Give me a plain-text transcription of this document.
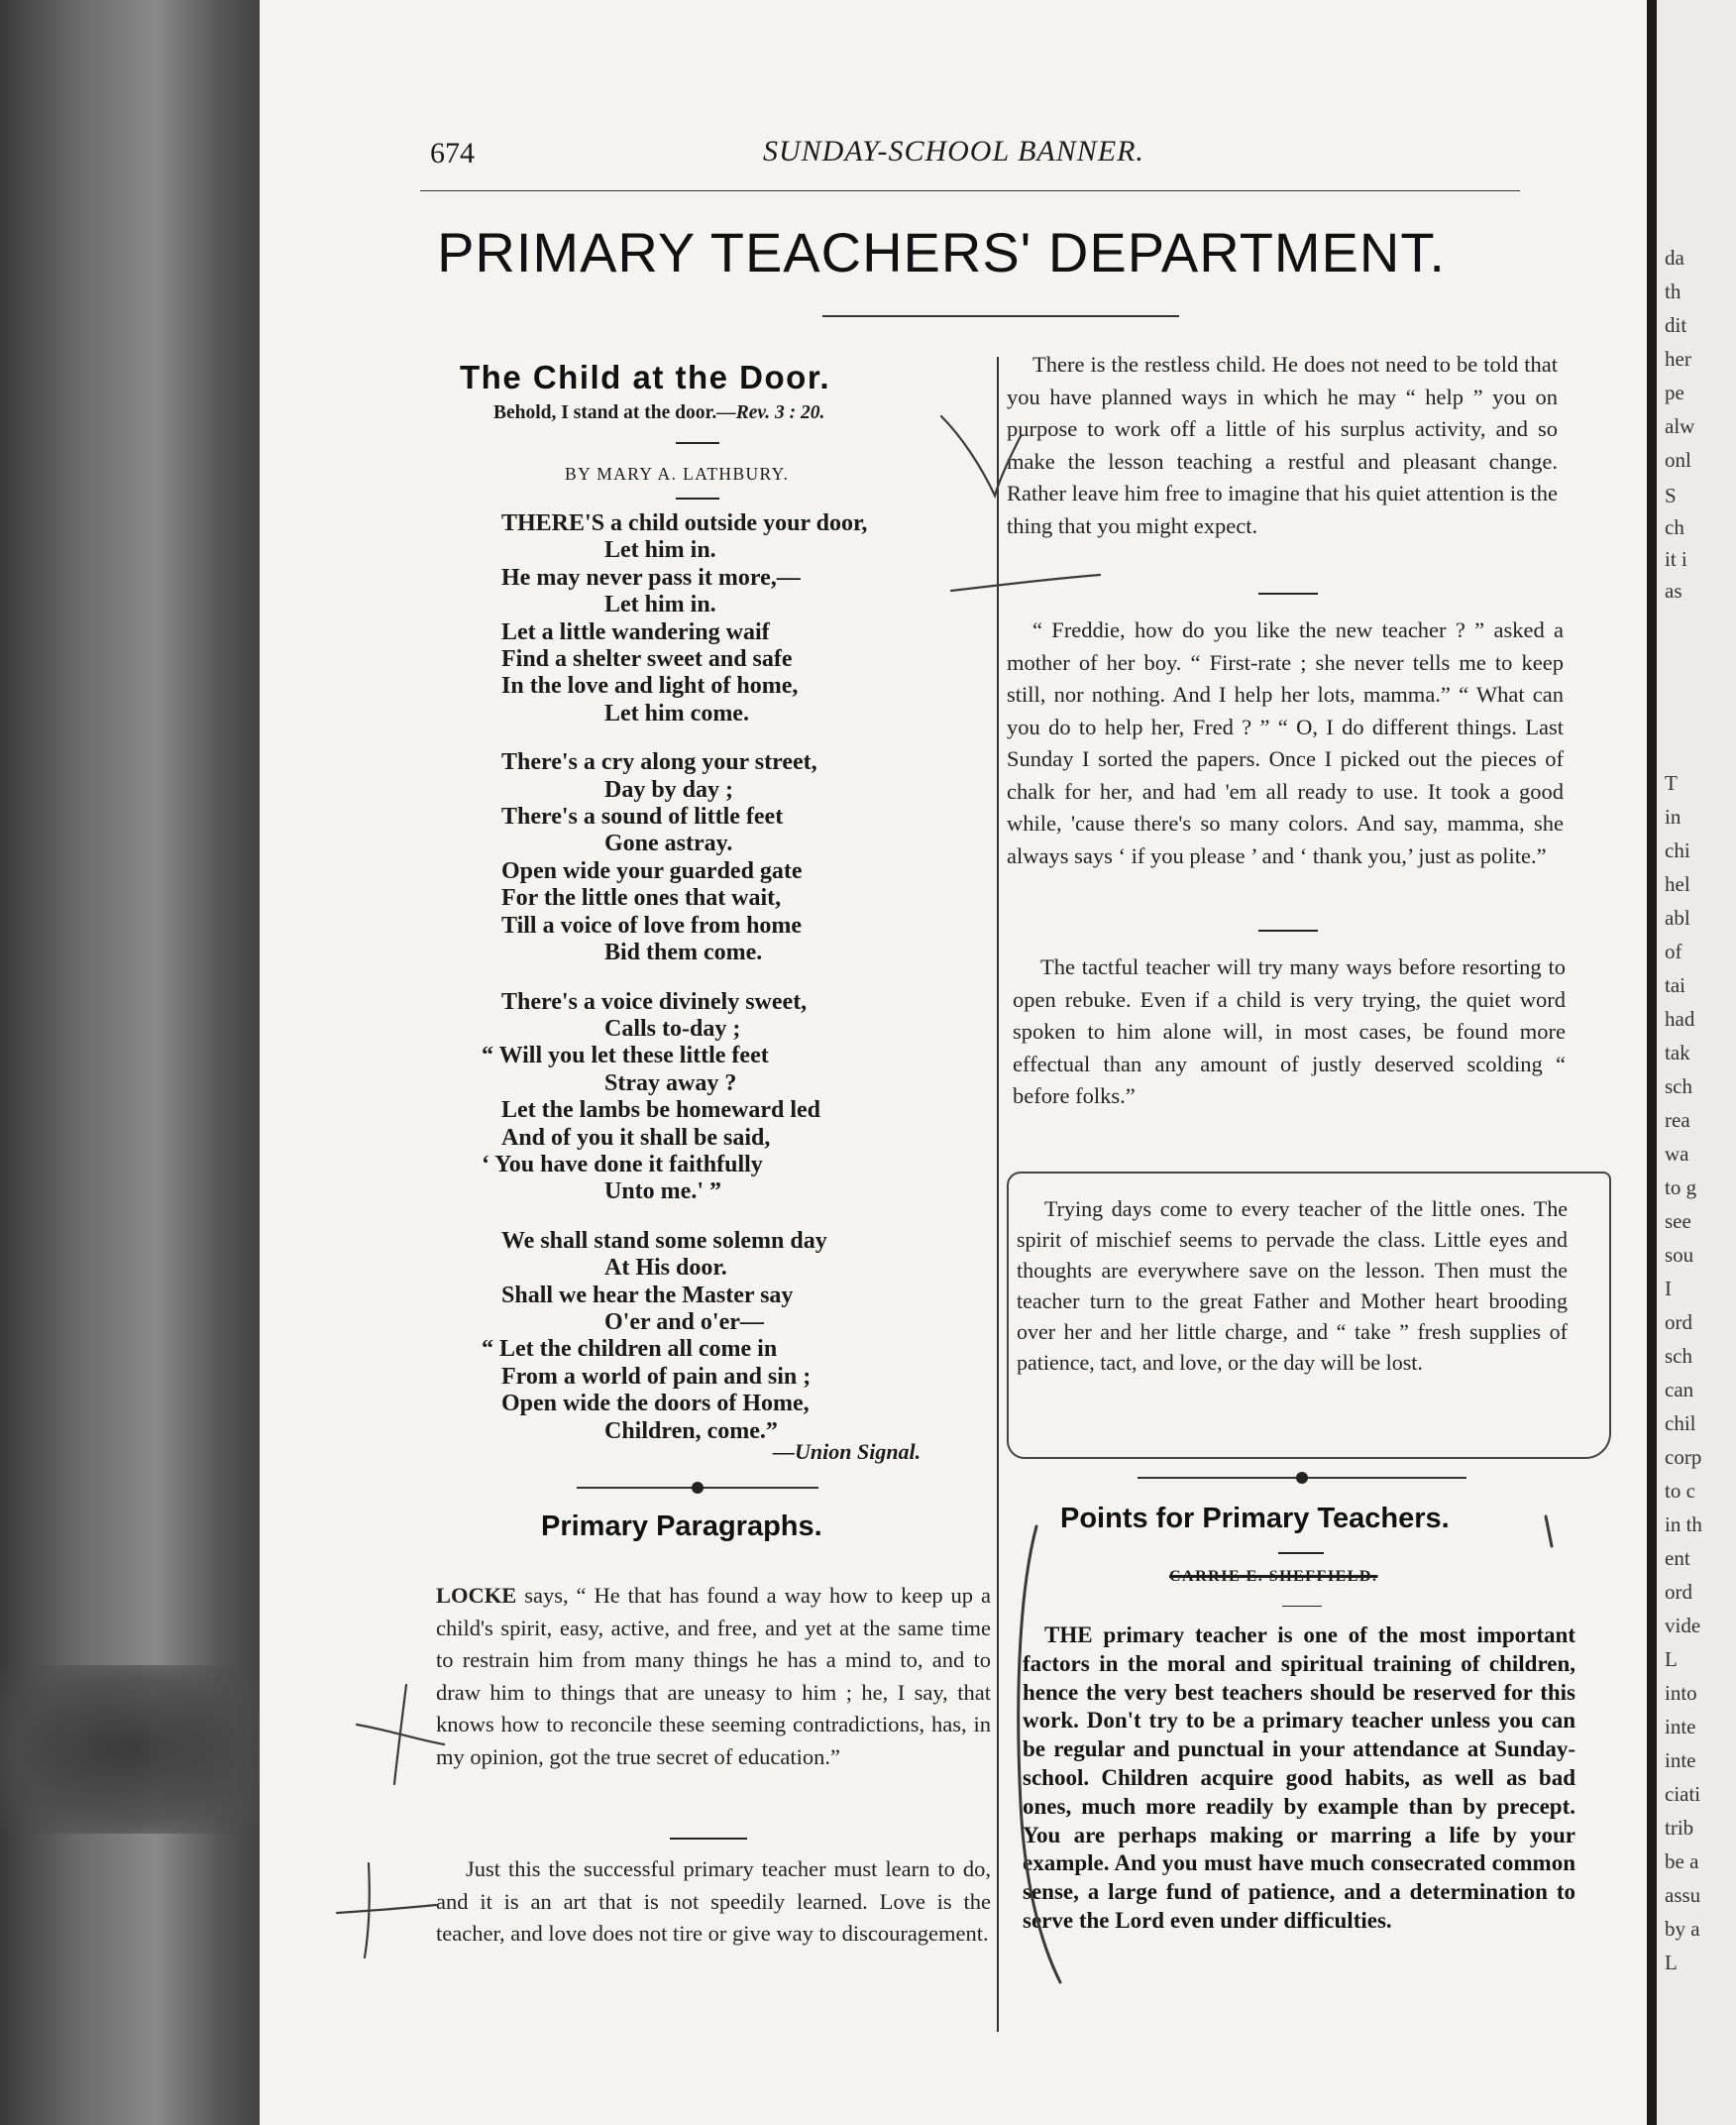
da
th
dit
her
pe
alw
onl
S
ch
it i
as
T
in
chi
hel
abl
of
tai
had
tak
sch
rea
wa
to g
see
sou
I
ord
sch
can
chil
corp
to c
in th
ent
ord
vide
L
into
inte
inte
ciati
trib
be a
assu
by a
L
674	SUNDAY-SCHOOL BANNER.
PRIMARY TEACHERS' DEPARTMENT.
The Child at the Door.
Behold, I stand at the door.—Rev. 3 : 20.
BY MARY A. LATHBURY.
THERE'S a child outside your door,
Let him in.
He may never pass it more,—
Let him in.
Let a little wandering waif
Find a shelter sweet and safe
In the love and light of home,
Let him come.
There's a cry along your street,
Day by day ;
There's a sound of little feet
Gone astray.
Open wide your guarded gate
For the little ones that wait,
Till a voice of love from home
Bid them come.
There's a voice divinely sweet,
Calls to-day ;
“ Will you let these little feet
Stray away ?
Let the lambs be homeward led
And of you it shall be said,
‘ You have done it faithfully
Unto me.' ”
We shall stand some solemn day
At His door.
Shall we hear the Master say
O'er and o'er—
“ Let the children all come in
From a world of pain and sin ;
Open wide the doors of Home,
Children, come.”
—Union Signal.
Primary Paragraphs.
LOCKE says, “ He that has found a way how to keep up a child's spirit, easy, active, and free, and yet at the same time to restrain him from many things he has a mind to, and to draw him to things that are uneasy to him ; he, I say, that knows how to reconcile these seeming contradictions, has, in my opinion, got the true secret of education.”
Just this the successful primary teacher must learn to do, and it is an art that is not speedily learned. Love is the teacher, and love does not tire or give way to discouragement.
There is the restless child. He does not need to be told that you have planned ways in which he may “ help ” you on purpose to work off a little of his surplus activity, and so make the lesson teaching a restful and pleasant change. Rather leave him free to imagine that his quiet attention is the thing that you might expect.
“ Freddie, how do you like the new teacher ? ” asked a mother of her boy. “ First-rate ; she never tells me to keep still, nor nothing. And I help her lots, mamma.” “ What can you do to help her, Fred ? ” “ O, I do different things. Last Sunday I sorted the papers. Once I picked out the pieces of chalk for her, and had 'em all ready to use. It took a good while, 'cause there's so many colors. And say, mamma, she always says ‘ if you please ’ and ‘ thank you,’ just as polite.”
The tactful teacher will try many ways before resorting to open rebuke. Even if a child is very trying, the quiet word spoken to him alone will, in most cases, be found more effectual than any amount of justly deserved scolding “ before folks.”
Trying days come to every teacher of the little ones. The spirit of mischief seems to pervade the class. Little eyes and thoughts are everywhere save on the lesson. Then must the teacher turn to the great Father and Mother heart brooding over her and her little charge, and “ take ” fresh supplies of patience, tact, and love, or the day will be lost.
Points for Primary Teachers.
CARRIE E. SHEFFIELD.
THE primary teacher is one of the most important factors in the moral and spiritual training of children, hence the very best teachers should be reserved for this work. Don't try to be a primary teacher unless you can be regular and punctual in your attendance at Sunday-school. Children acquire good habits, as well as bad ones, much more readily by example than by precept. You are perhaps making or marring a life by your example. And you must have much consecrated common sense, a large fund of patience, and a determination to serve the Lord even under difficulties.
